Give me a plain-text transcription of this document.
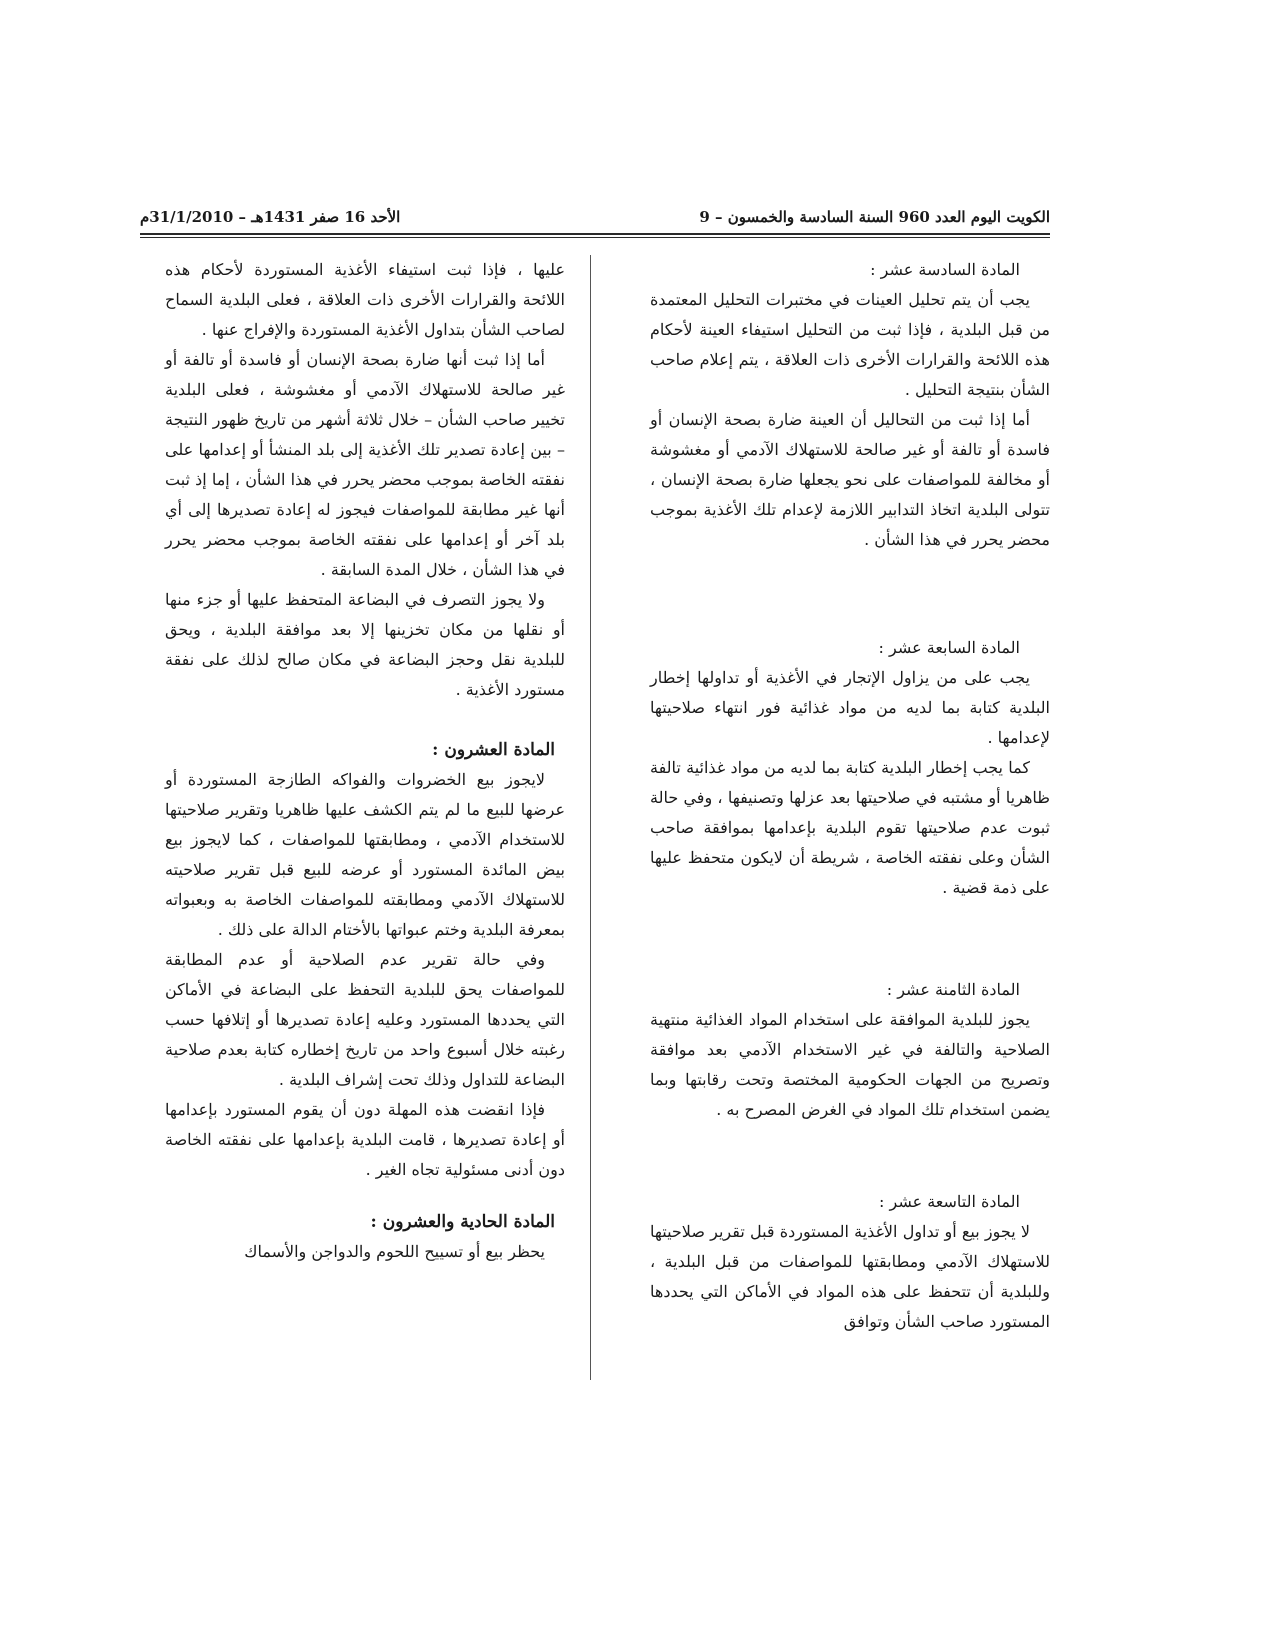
الكويت اليوم العدد 960 السنة السادسة والخمسون – 9
الأحد 16 صفر 1431هـ – 31/1/2010م

المادة السادسة عشر :

يجب أن يتم تحليل العينات في مختبرات التحليل المعتمدة من قبل البلدية ، فإذا ثبت من التحليل استيفاء العينة لأحكام هذه اللائحة والقرارات الأخرى ذات العلاقة ، يتم إعلام صاحب الشأن بنتيجة التحليل .

أما إذا ثبت من التحاليل أن العينة ضارة بصحة الإنسان أو فاسدة أو تالفة أو غير صالحة للاستهلاك الآدمي أو مغشوشة أو مخالفة للمواصفات على نحو يجعلها ضارة بصحة الإنسان ، تتولى البلدية اتخاذ التدابير اللازمة لإعدام تلك الأغذية بموجب محضر يحرر في هذا الشأن .

المادة السابعة عشر :

يجب على من يزاول الإتجار في الأغذية أو تداولها إخطار البلدية كتابة بما لديه من مواد غذائية فور انتهاء صلاحيتها لإعدامها .

كما يجب إخطار البلدية كتابة بما لديه من مواد غذائية تالفة ظاهريا أو مشتبه في صلاحيتها بعد عزلها وتصنيفها ، وفي حالة ثبوت عدم صلاحيتها تقوم البلدية بإعدامها بموافقة صاحب الشأن وعلى نفقته الخاصة ، شريطة أن لايكون متحفظ عليها على ذمة قضية .

المادة الثامنة عشر :

يجوز للبلدية الموافقة على استخدام المواد الغذائية منتهية الصلاحية والتالفة في غير الاستخدام الآدمي بعد موافقة وتصريح من الجهات الحكومية المختصة وتحت رقابتها وبما يضمن استخدام تلك المواد في الغرض المصرح به .

المادة التاسعة عشر :

لا يجوز بيع أو تداول الأغذية المستوردة قبل تقرير صلاحيتها للاستهلاك الآدمي ومطابقتها للمواصفات من قبل البلدية ، وللبلدية أن تتحفظ على هذه المواد في الأماكن التي يحددها المستورد صاحب الشأن وتوافق

عليها ، فإذا ثبت استيفاء الأغذية المستوردة لأحكام هذه اللائحة والقرارات الأخرى ذات العلاقة ، فعلى البلدية السماح لصاحب الشأن بتداول الأغذية المستوردة والإفراج عنها .

أما إذا ثبت أنها ضارة بصحة الإنسان أو فاسدة أو تالفة أو غير صالحة للاستهلاك الآدمي أو مغشوشة ، فعلى البلدية تخيير صاحب الشأن – خلال ثلاثة أشهر من تاريخ ظهور النتيجة – بين إعادة تصدير تلك الأغذية إلى بلد المنشأ أو إعدامها على نفقته الخاصة بموجب محضر يحرر في هذا الشأن ، إما إذ ثبت أنها غير مطابقة للمواصفات فيجوز له إعادة تصديرها إلى أي بلد آخر أو إعدامها على نفقته الخاصة بموجب محضر يحرر في هذا الشأن ، خلال المدة السابقة .

ولا يجوز التصرف في البضاعة المتحفظ عليها أو جزء منها أو نقلها من مكان تخزينها إلا بعد موافقة البلدية ، ويحق للبلدية نقل وحجز البضاعة في مكان صالح لذلك على نفقة مستورد الأغذية .

المادة العشرون :

لايجوز بيع الخضروات والفواكه الطازجة المستوردة أو عرضها للبيع ما لم يتم الكشف عليها ظاهريا وتقرير صلاحيتها للاستخدام الآدمي ، ومطابقتها للمواصفات ، كما لايجوز بيع بيض المائدة المستورد أو عرضه للبيع قبل تقرير صلاحيته للاستهلاك الآدمي ومطابقته للمواصفات الخاصة به وبعبواته بمعرفة البلدية وختم عبواتها بالأختام الدالة على ذلك .

وفي حالة تقرير عدم الصلاحية أو عدم المطابقة للمواصفات يحق للبلدية التحفظ على البضاعة في الأماكن التي يحددها المستورد وعليه إعادة تصديرها أو إتلافها حسب رغبته خلال أسبوع واحد من تاريخ إخطاره كتابة بعدم صلاحية البضاعة للتداول وذلك تحت إشراف البلدية .

فإذا انقضت هذه المهلة دون أن يقوم المستورد بإعدامها أو إعادة تصديرها ، قامت البلدية بإعدامها على نفقته الخاصة دون أدنى مسئولية تجاه الغير .

المادة الحادية والعشرون :

يحظر بيع أو تسييح اللحوم والدواجن والأسماك
